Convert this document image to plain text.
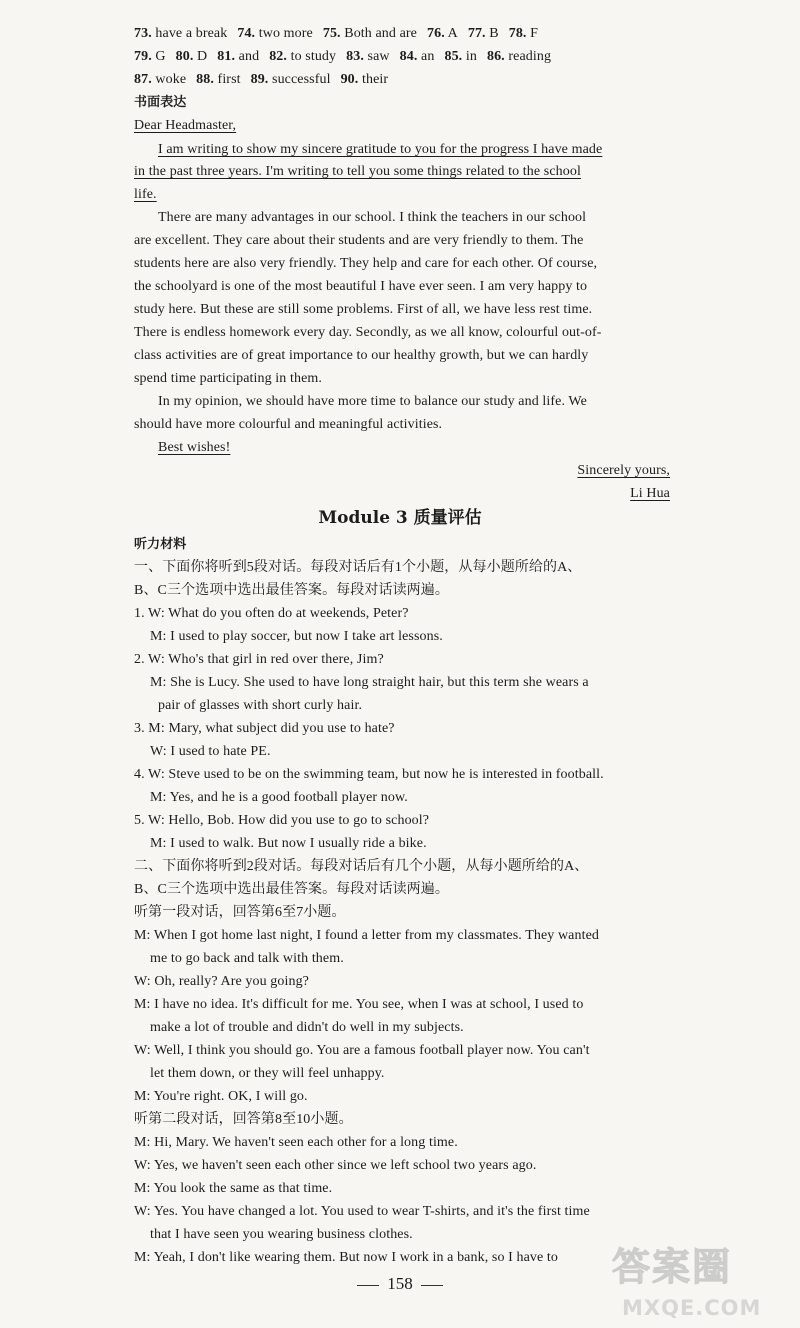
73. have a break 74. two more 75. Both and are 76. A 77. B 78. F
79. G 80. D 81. and 82. to study 83. saw 84. an 85. in 86. reading
87. woke 88. first 89. successful 90. their
书面表达
Dear Headmaster,
I am writing to show my sincere gratitude to you for the progress I have made
in the past three years. I'm writing to tell you some things related to the school
life.
There are many advantages in our school. I think the teachers in our school
are excellent. They care about their students and are very friendly to them. The
students here are also very friendly. They help and care for each other. Of course,
the schoolyard is one of the most beautiful I have ever seen. I am very happy to
study here. But these are still some problems. First of all, we have less rest time.
There is endless homework every day. Secondly, as we all know, colourful out-of-
class activities are of great importance to our healthy growth, but we can hardly
spend time participating in them.
In my opinion, we should have more time to balance our study and life. We
should have more colourful and meaningful activities.
Best wishes!
Sincerely yours,
Li Hua
Module 3 质量评估
听力材料
一、下面你将听到5段对话。每段对话后有1个小题，从每小题所给的A、
B、C三个选项中选出最佳答案。每段对话读两遍。
1. W: What do you often do at weekends, Peter?
M: I used to play soccer, but now I take art lessons.
2. W: Who's that girl in red over there, Jim?
M: She is Lucy. She used to have long straight hair, but this term she wears a
pair of glasses with short curly hair.
3. M: Mary, what subject did you use to hate?
W: I used to hate PE.
4. W: Steve used to be on the swimming team, but now he is interested in football.
M: Yes, and he is a good football player now.
5. W: Hello, Bob. How did you use to go to school?
M: I used to walk. But now I usually ride a bike.
二、下面你将听到2段对话。每段对话后有几个小题，从每小题所给的A、
B、C三个选项中选出最佳答案。每段对话读两遍。
听第一段对话，回答第6至7小题。
M: When I got home last night, I found a letter from my classmates. They wanted
me to go back and talk with them.
W: Oh, really? Are you going?
M: I have no idea. It's difficult for me. You see, when I was at school, I used to
make a lot of trouble and didn't do well in my subjects.
W: Well, I think you should go. You are a famous football player now. You can't
let them down, or they will feel unhappy.
M: You're right. OK, I will go.
听第二段对话，回答第8至10小题。
M: Hi, Mary. We haven't seen each other for a long time.
W: Yes, we haven't seen each other since we left school two years ago.
M: You look the same as that time.
W: Yes. You have changed a lot. You used to wear T-shirts, and it's the first time
that I have seen you wearing business clothes.
M: Yeah, I don't like wearing them. But now I work in a bank, so I have to
158	答案圈
MXQE.COM
